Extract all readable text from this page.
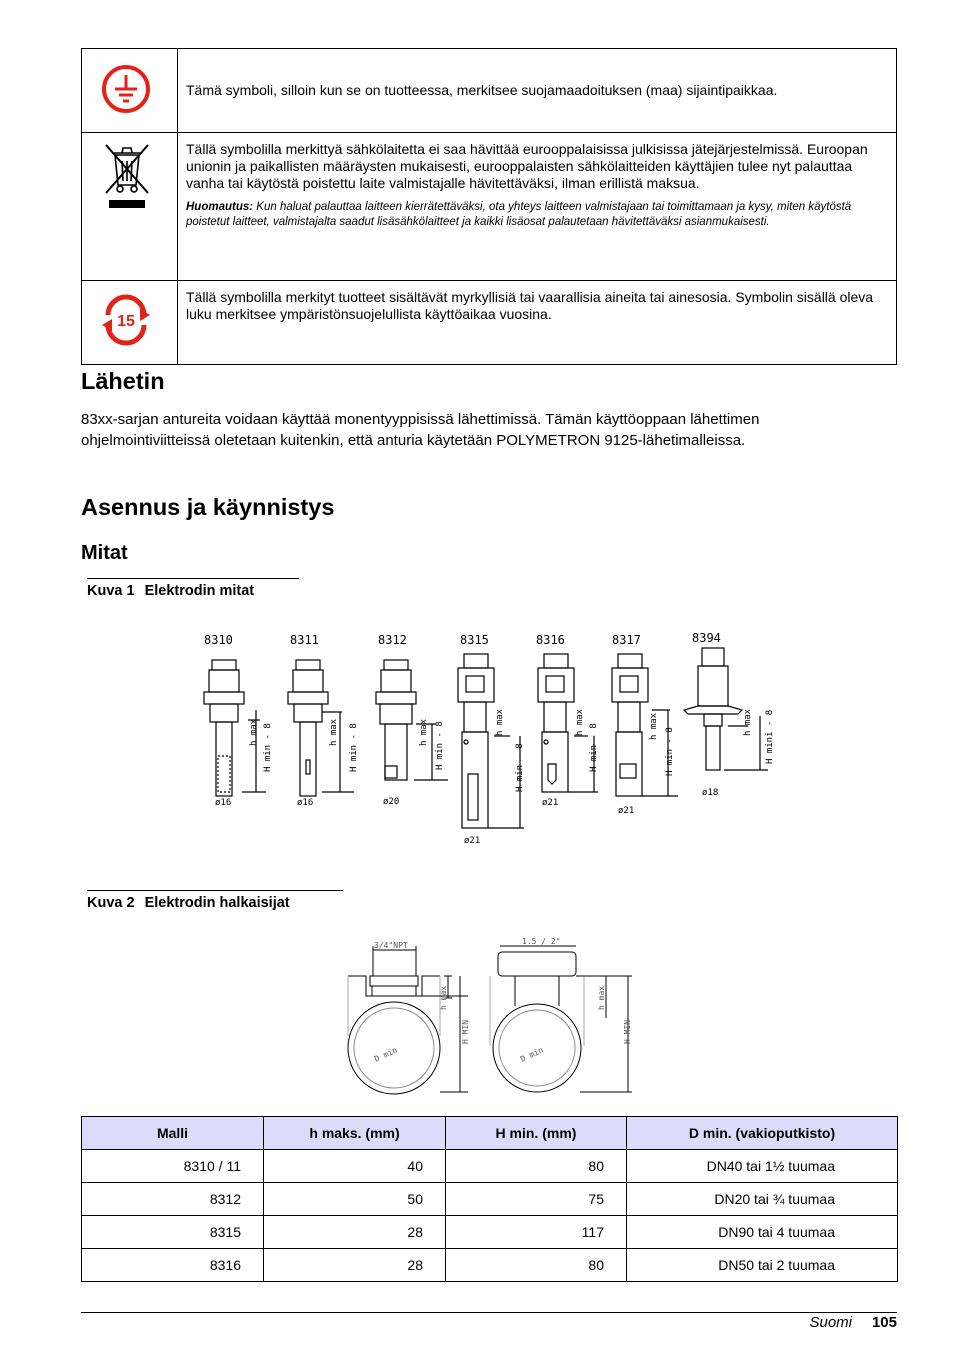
	Tämä symboli, silloin kun se on tuotteessa, merkitsee suojamaadoituksen (maa) sijaintipaikkaa.

Tällä symbolilla merkittyä sähkölaitetta ei saa hävittää eurooppalaisissa julkisissa jätejärjestelmissä. Euroopan unionin ja paikallisten määräysten mukaisesti, eurooppalaisten sähkölaitteiden käyttäjien tulee nyt palauttaa vanha tai käytöstä poistettu laite valmistajalle hävitettäväksi, ilman erillistä maksua.
Huomautus: Kun haluat palauttaa laitteen kierrätettäväksi, ota yhteys laitteen valmistajaan tai toimittamaan ja kysy, miten käytöstä poistetut laitteet, valmistajalta saadut lisäsähkölaitteet ja kaikki lisäosat palautetaan hävitettäväksi asianmukaisesti.

15	Tällä symbolilla merkityt tuotteet sisältävät myrkyllisiä tai vaarallisia aineita tai ainesosia. Symbolin sisällä oleva luku merkitsee ympäristönsuojelullista käyttöaikaa vuosina.
Lähetin

83xx-sarjan antureita voidaan käyttää monentyyppisissä lähettimissä. Tämän käyttöoppaan lähettimen ohjelmointiviitteissä oletetaan kuitenkin, että anturia käytetään POLYMETRON 9125-lähetimalleissa.

Asennus ja käynnistys
Mitat
Kuva 1 Elektrodin mitat
8310	8311	8312	8315	8316	8317	8394
ø16	ø16	ø20
ø21
ø21
ø21
ø18
h max H min - 8	h max H min - 8	h max H min - 8	h max
H min - 8
h max
H min - 8	h max
H min - 8
h max H mini - 8
Kuva 2 Elektrodin halkaisijat
3/4"NPT	1.5 / 2"
h max
H MIN
D min
h max
H MIN
D min
Malli	h maks. (mm)	H min. (mm)	D min. (vakioputkisto)
8310 / 11	40	80	DN40 tai 1½ tuumaa
8312	50	75	DN20 tai ¾ tuumaa
8315	28	117	DN90 tai 4 tuumaa
8316	28	80	DN50 tai 2 tuumaa
Suomi 105
